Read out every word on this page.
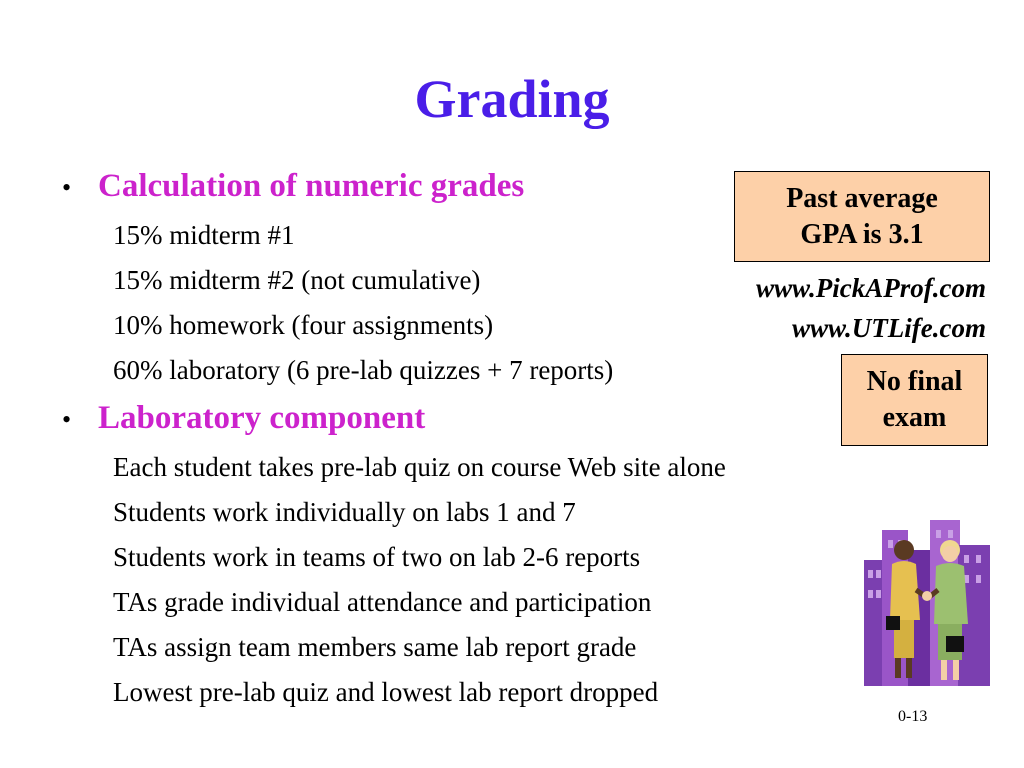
Grading
• Calculation of numeric grades
15% midterm #1
15% midterm #2 (not cumulative)
10% homework (four assignments)
60% laboratory (6 pre-lab quizzes + 7 reports)
• Laboratory component
Each student takes pre-lab quiz on course Web site alone
Students work individually on labs 1 and 7
Students work in teams of two on lab 2-6 reports
TAs grade individual attendance and participation
TAs assign team members same lab report grade
Lowest pre-lab quiz and lowest lab report dropped
Past average
GPA is 3.1
www.PickAProf.com
www.UTLife.com
No final
exam
0-13
